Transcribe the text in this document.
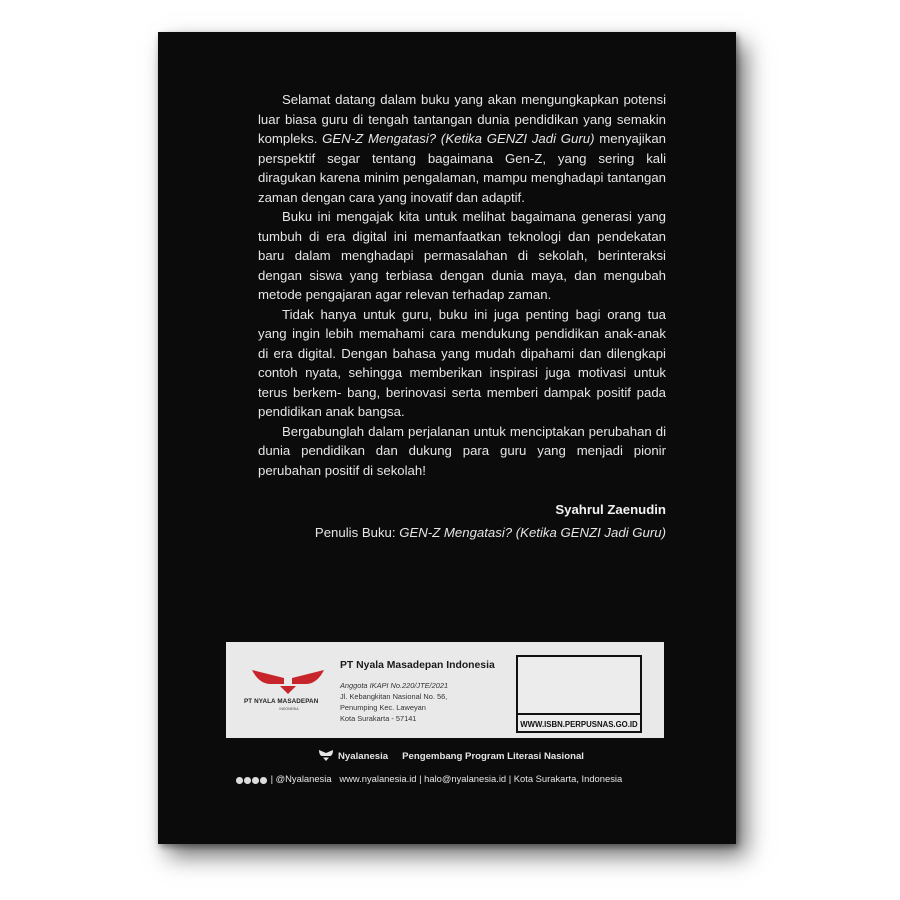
Selamat datang dalam buku yang akan mengungkapkan potensi luar biasa guru di tengah tantangan dunia pendidikan yang semakin kompleks. GEN-Z Mengatasi? (Ketika GENZI Jadi Guru) menyajikan perspektif segar tentang bagaimana Gen-Z, yang sering kali diragukan karena minim pengalaman, mampu menghadapi tantangan zaman dengan cara yang inovatif dan adaptif.

Buku ini mengajak kita untuk melihat bagaimana generasi yang tumbuh di era digital ini memanfaatkan teknologi dan pendekatan baru dalam menghadapi permasalahan di sekolah, berinteraksi dengan siswa yang terbiasa dengan dunia maya, dan mengubah metode pengajaran agar relevan terhadap zaman.

Tidak hanya untuk guru, buku ini juga penting bagi orang tua yang ingin lebih memahami cara mendukung pendidikan anak-anak di era digital. Dengan bahasa yang mudah dipahami dan dilengkapi contoh nyata, sehingga memberikan inspirasi juga motivasi untuk terus berkem- bang, berinovasi serta memberi dampak positif pada pendidikan anak bangsa.

Bergabunglah dalam perjalanan untuk menciptakan perubahan di dunia pendidikan dan dukung para guru yang menjadi pionir perubahan positif di sekolah!

Syahrul Zaenudin
Penulis Buku: GEN-Z Mengatasi? (Ketika GENZI Jadi Guru)
PT NYALA MASADEPAN
INDONESIA
PT Nyala Masadepan Indonesia
Anggota IKAPI No.220/JTE/2021
Jl. Kebangkitan Nasional No. 56,
Penumping Kec. Laweyan
Kota Surakarta - 57141
WWW.ISBN.PERPUSNAS.GO.ID
Nyalanesia Pengembang Program Literasi Nasional
| @Nyalanesia www.nyalanesia.id | halo@nyalanesia.id | Kota Surakarta, Indonesia
